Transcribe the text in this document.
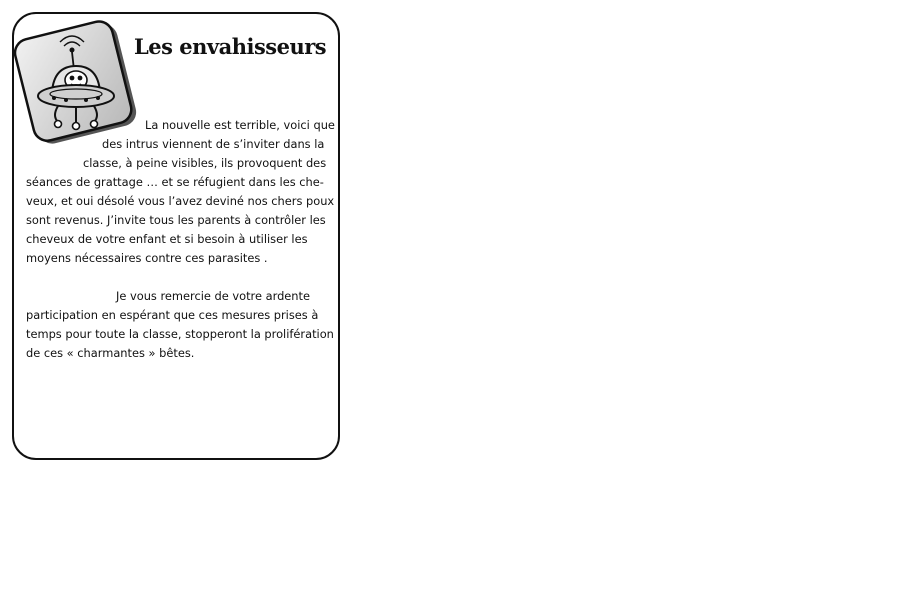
Les envahisseurs
La nouvelle est terrible, voici que
des intrus viennent de s’inviter dans la
classe, à peine visibles, ils provoquent des
séances de grattage … et se réfugient dans les che-
veux, et oui désolé vous l’avez deviné nos chers poux
sont revenus. J’invite tous les parents à contrôler les
cheveux de votre enfant et si besoin à utiliser les
moyens nécessaires contre ces parasites .
Je vous remercie de votre ardente
participation en espérant que ces mesures prises à
temps pour toute la classe, stopperont la prolifération
de ces « charmantes » bêtes.
